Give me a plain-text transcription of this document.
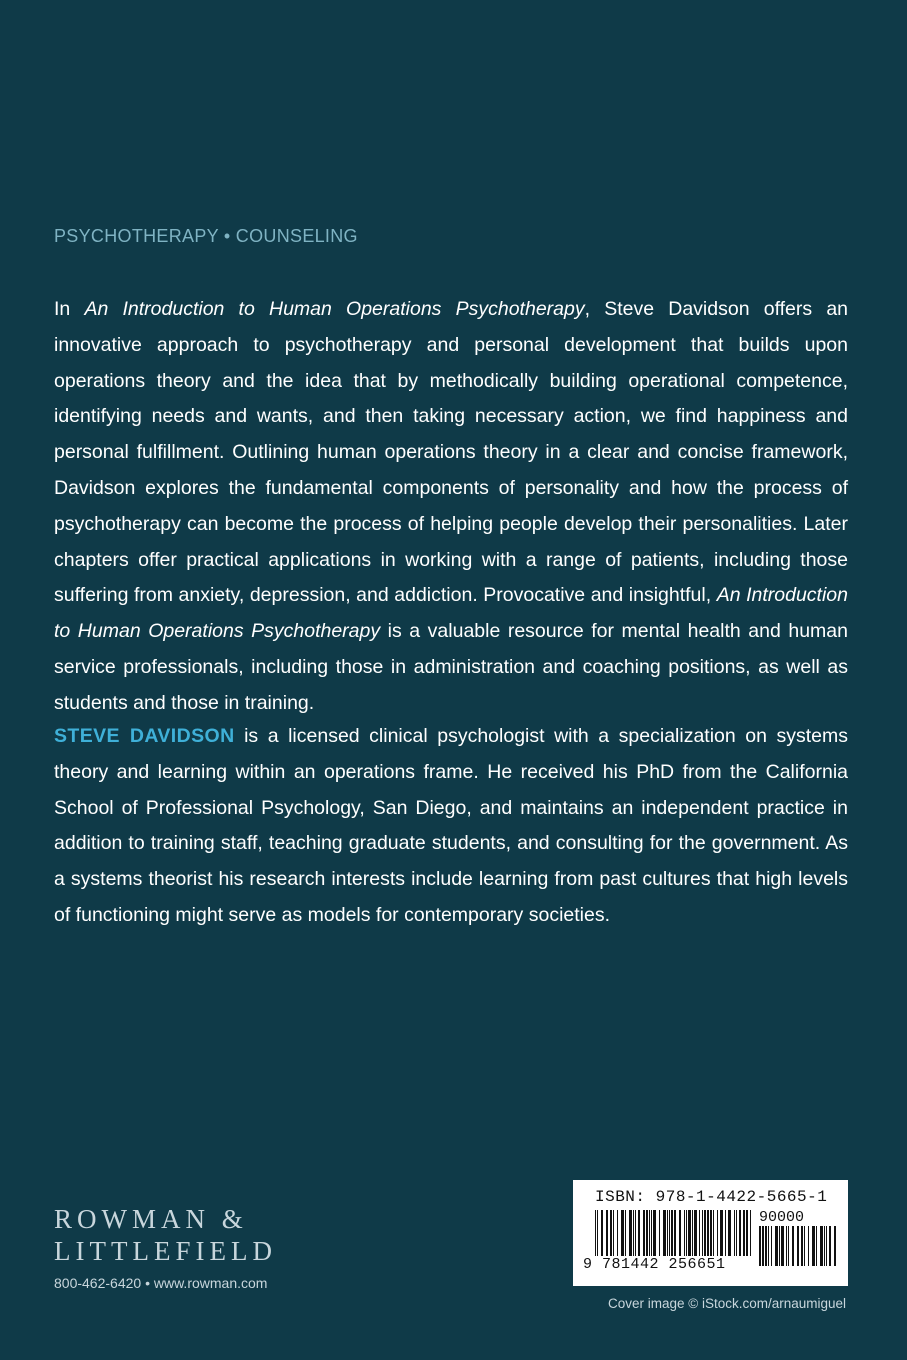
PSYCHOTHERAPY • COUNSELING
In An Introduction to Human Operations Psychotherapy, Steve Davidson offers an innovative approach to psychotherapy and personal development that builds upon operations theory and the idea that by methodically building operational competence, identifying needs and wants, and then taking necessary action, we find happiness and personal fulfillment. Outlining human operations theory in a clear and concise framework, Davidson explores the fundamental components of personality and how the process of psychotherapy can become the process of helping people develop their personalities. Later chapters offer practical applications in working with a range of patients, including those suffering from anxiety, depression, and addiction. Provocative and insightful, An Introduction to Human Operations Psychotherapy is a valuable resource for mental health and human service professionals, including those in administration and coaching positions, as well as students and those in training.
STEVE DAVIDSON is a licensed clinical psychologist with a specialization on systems theory and learning within an operations frame. He received his PhD from the California School of Professional Psychology, San Diego, and maintains an independent practice in addition to training staff, teaching graduate students, and consulting for the government. As a systems theorist his research interests include learning from past cultures that high levels of functioning might serve as models for contemporary societies.
ROWMAN &
LITTLEFIELD
800-462-6420 • www.rowman.com
ISBN: 978-1-4422-5665-1
90000
9 781442 256651
Cover image © iStock.com/arnaumiguel
